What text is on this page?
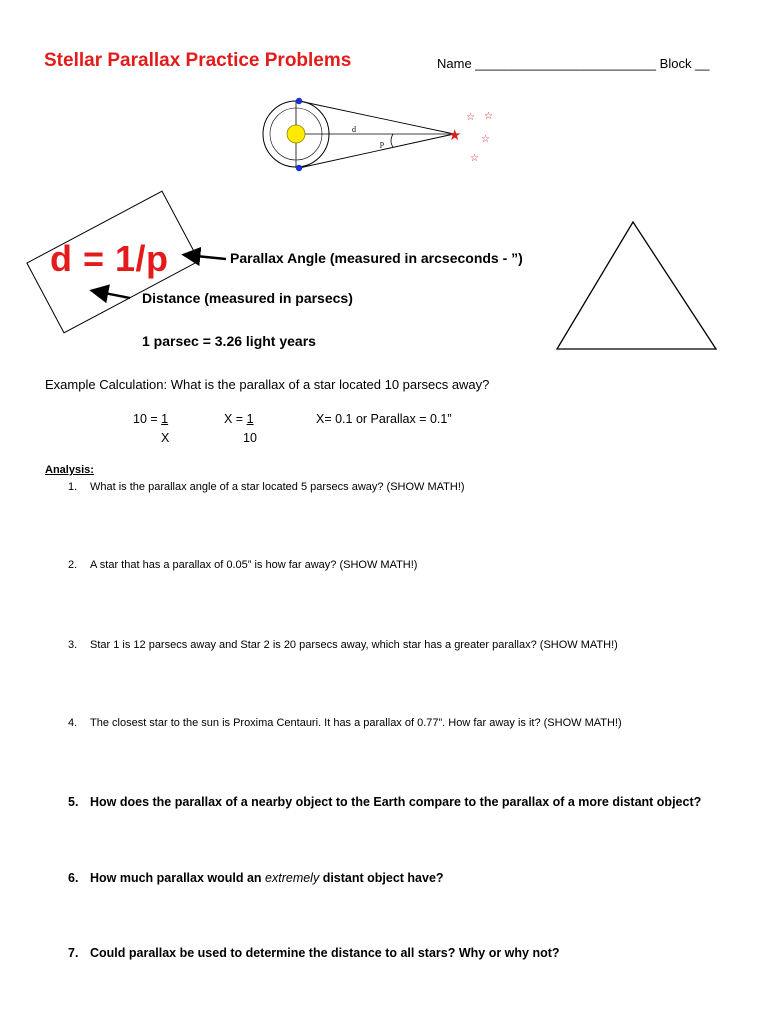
Stellar Parallax Practice Problems	Name _________________________ Block __
d
p	★
☆ ☆
☆
☆
d = 1/p	Parallax Angle (measured in arcseconds - ”)
Distance (measured in parsecs)
1 parsec = 3.26 light years
Example Calculation: What is the parallax of a star located 10 parsecs away?
10 = 1
X
X = 1
10
X= 0.1 or Parallax = 0.1”
Analysis:
1. What is the parallax angle of a star located 5 parsecs away? (SHOW MATH!)
2. A star that has a parallax of 0.05” is how far away? (SHOW MATH!)
3. Star 1 is 12 parsecs away and Star 2 is 20 parsecs away, which star has a greater parallax? (SHOW MATH!)
4. The closest star to the sun is Proxima Centauri. It has a parallax of 0.77”. How far away is it? (SHOW MATH!)
5. How does the parallax of a nearby object to the Earth compare to the parallax of a more distant object?
6. How much parallax would an extremely distant object have?
7. Could parallax be used to determine the distance to all stars? Why or why not?
